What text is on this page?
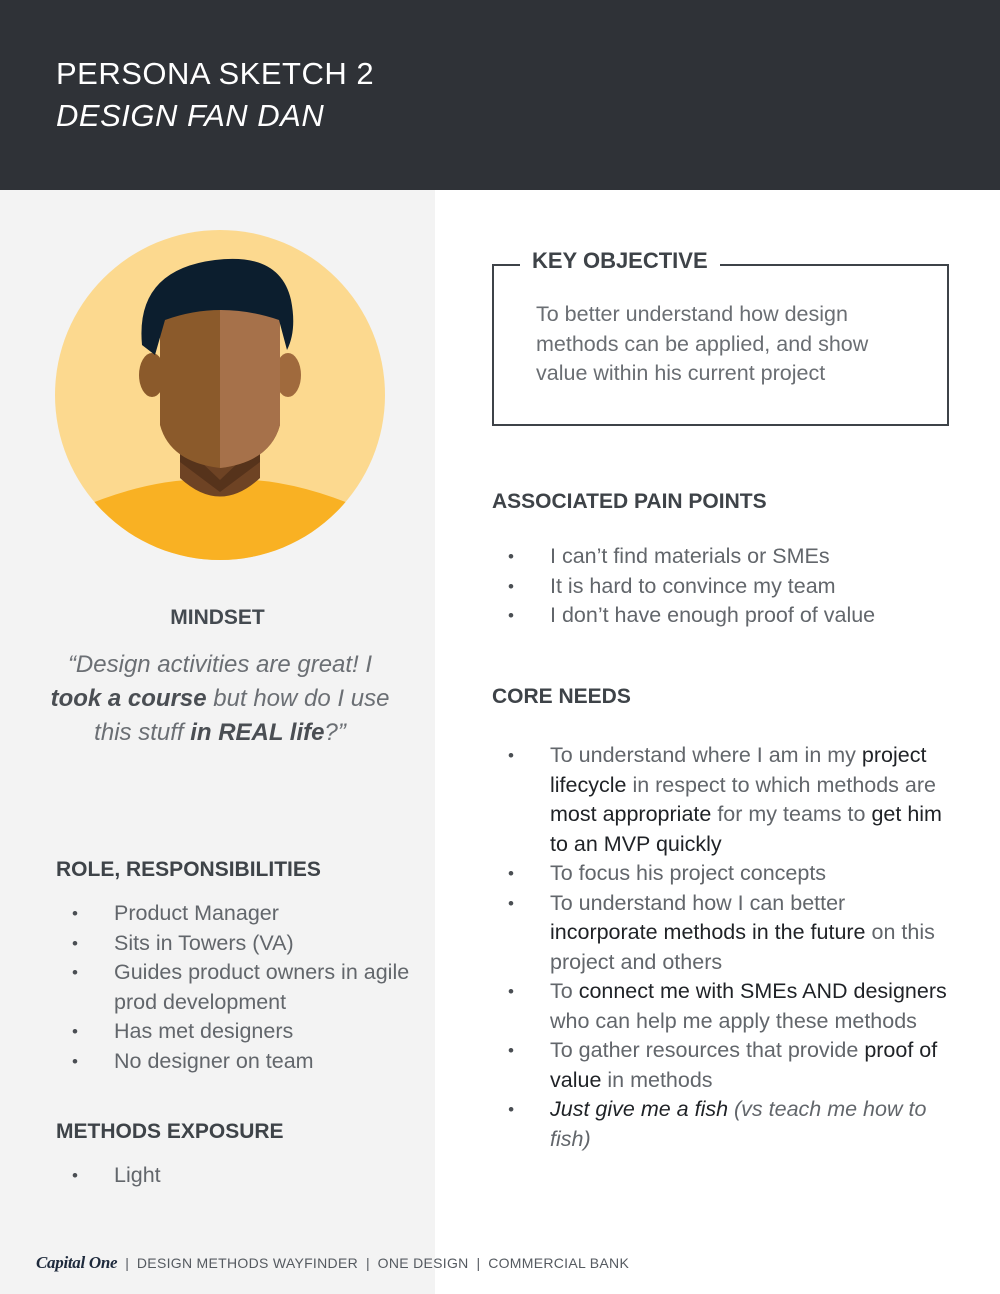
PERSONA SKETCH 2
DESIGN FAN DAN
MINDSET
“Design activities are great! I took a course but how do I use this stuff in REAL life?”
ROLE, RESPONSIBILITIES
• Product Manager
• Sits in Towers (VA)
• Guides product owners in agile prod development
• Has met designers
• No designer on team
METHODS EXPOSURE
• Light
KEY OBJECTIVE
To better understand how design methods can be applied, and show value within his current project
ASSOCIATED PAIN POINTS
• I can’t find materials or SMEs
• It is hard to convince my team
• I don’t have enough proof of value
CORE NEEDS
• To understand where I am in my project lifecycle in respect to which methods are most appropriate for my teams to get him to an MVP quickly
• To focus his project concepts
• To understand how I can better incorporate methods in the future on this project and others
• To connect me with SMEs AND designers who can help me apply these methods
• To gather resources that provide proof of value in methods
• Just give me a fish (vs teach me how to fish)
Capital One | DESIGN METHODS WAYFINDER | ONE DESIGN | COMMERCIAL BANK
